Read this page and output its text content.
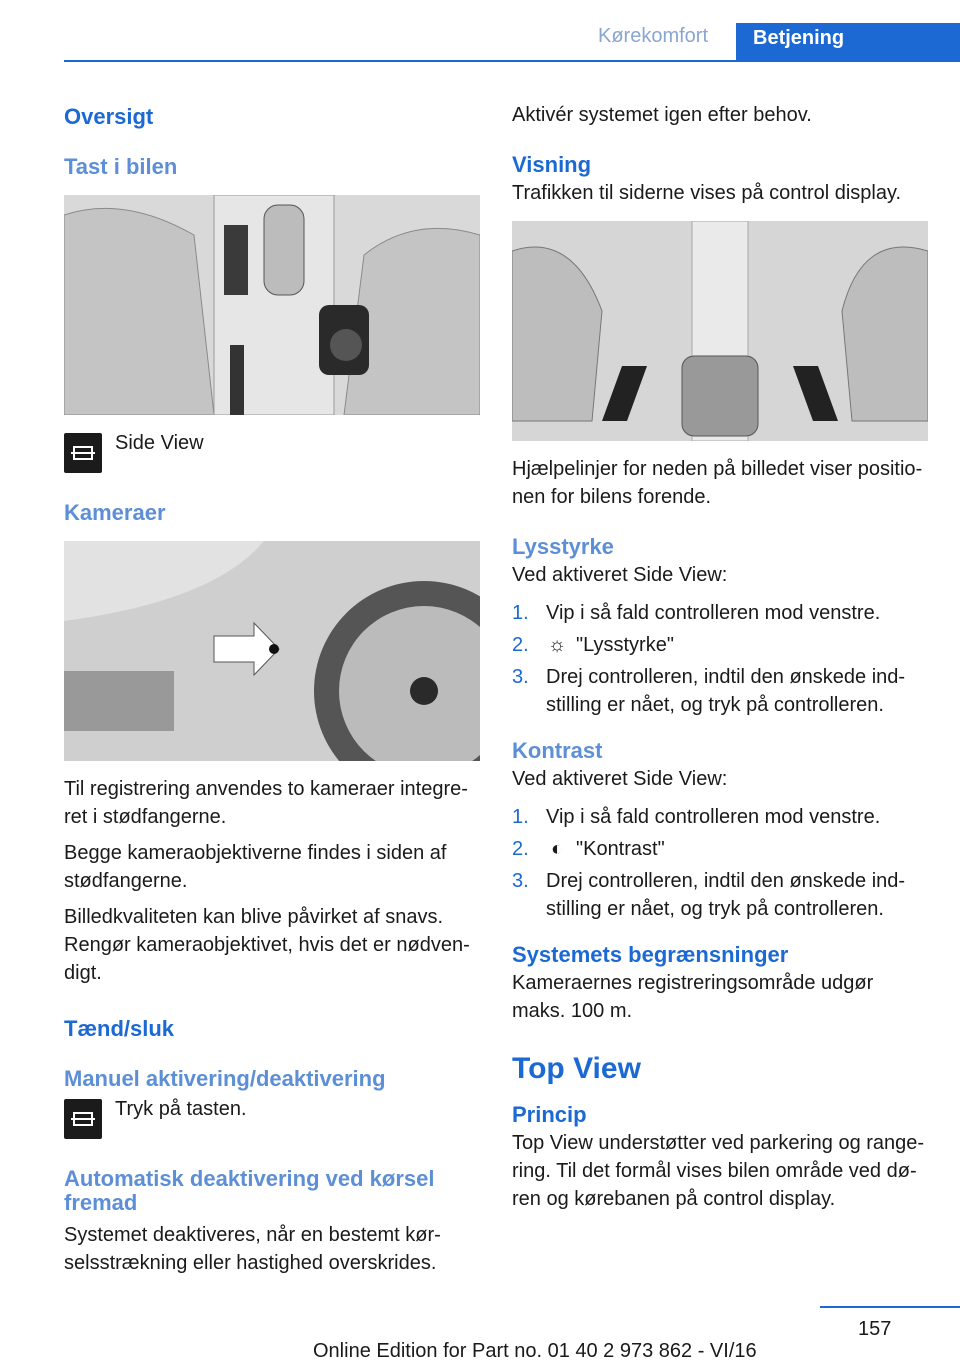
Kørekomfort	Betjening
Oversigt
Tast i bilen
Side View
Kameraer

Til registrering anvendes to kameraer integreret i stødfangerne.

Begge kameraobjektiverne findes i siden af stødfangerne.

Billedkvaliteten kan blive påvirket af snavs. Rengør kameraobjektivet, hvis det er nødvendigt.

Tænd/sluk
Manuel aktivering/deaktivering
Tryk på tasten.
Automatisk deaktivering ved kørsel fremad

Systemet deaktiveres, når en bestemt kørselsstrækning eller hastighed overskrides.

Aktivér systemet igen efter behov.

Visning

Trafikken til siderne vises på control display.

Hjælpelinjer for neden på billedet viser positionen for bilens forende.

Lysstyrke

Ved aktiveret Side View:

1. Vip i så fald controlleren mod venstre.
2. ☼ "Lysstyrke"
3. Drej controlleren, indtil den ønskede indstilling er nået, og tryk på controlleren.
Kontrast

Ved aktiveret Side View:

1. Vip i så fald controlleren mod venstre.
2.	◐ "Kontrast"
3. Drej controlleren, indtil den ønskede indstilling er nået, og tryk på controlleren.
Systemets begrænsninger

Kameraernes registreringsområde udgør maks. 100 m.

Top View
Princip

Top View understøtter ved parkering og rangering. Til det formål vises bilen område ved døren og kørebanen på control display.

157
Online Edition for Part no. 01 40 2 973 862 - VI/16
